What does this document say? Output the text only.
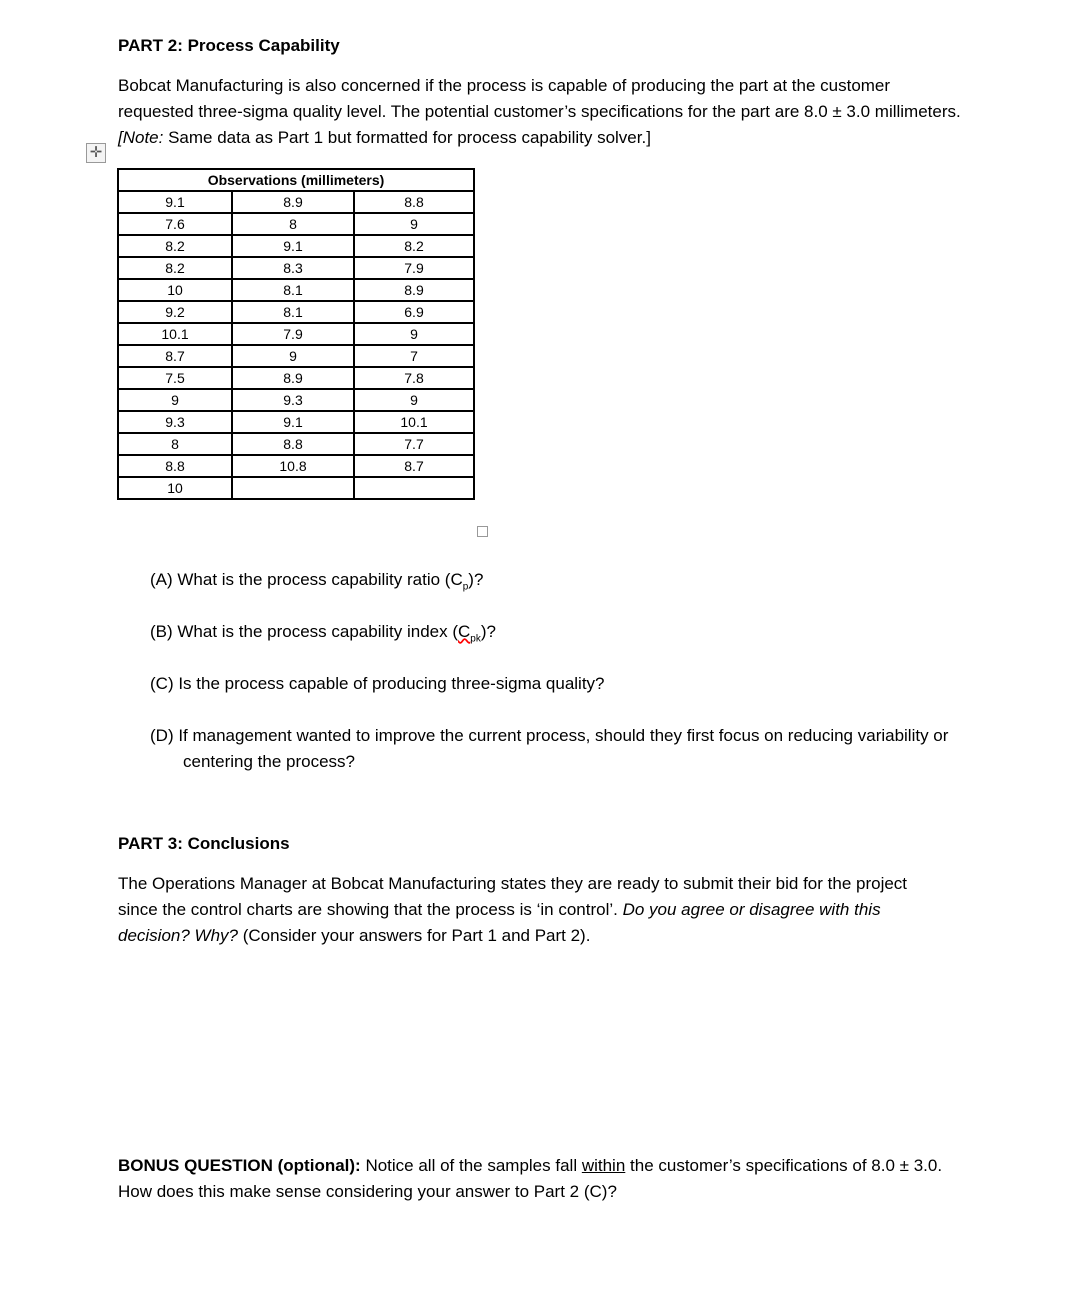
PART 2: Process Capability
Bobcat Manufacturing is also concerned if the process is capable of producing the part at the customer requested three-sigma quality level. The potential customer’s specifications for the part are 8.0 ± 3.0 millimeters. [Note: Same data as Part 1 but formatted for process capability solver.]
✛
Observations (millimeters)		
9.1	8.9	8.8
7.6	8	9
8.2	9.1	8.2
8.2	8.3	7.9
10	8.1	8.9
9.2	8.1	6.9
10.1	7.9	9
8.7	9	7
7.5	8.9	7.8
9	9.3	9
9.3	9.1	10.1
8	8.8	7.7
8.8	10.8	8.7
10		
(A) What is the process capability ratio $(C_p)$?
(B) What is the process capability index $(C_{pk})$?
(C) Is the process capable of producing three-sigma quality?
(D) If management wanted to improve the current process, should they first focus on reducing variability or centering the process?
PART 3: Conclusions
The Operations Manager at Bobcat Manufacturing states they are ready to submit their bid for the project since the control charts are showing that the process is ‘in control’. Do you agree or disagree with this decision? Why? (Consider your answers for Part 1 and Part 2).
BONUS QUESTION (optional): Notice all of the samples fall within the customer’s specifications of 8.0 ± 3.0. How does this make sense considering your answer to Part 2 (C)?
